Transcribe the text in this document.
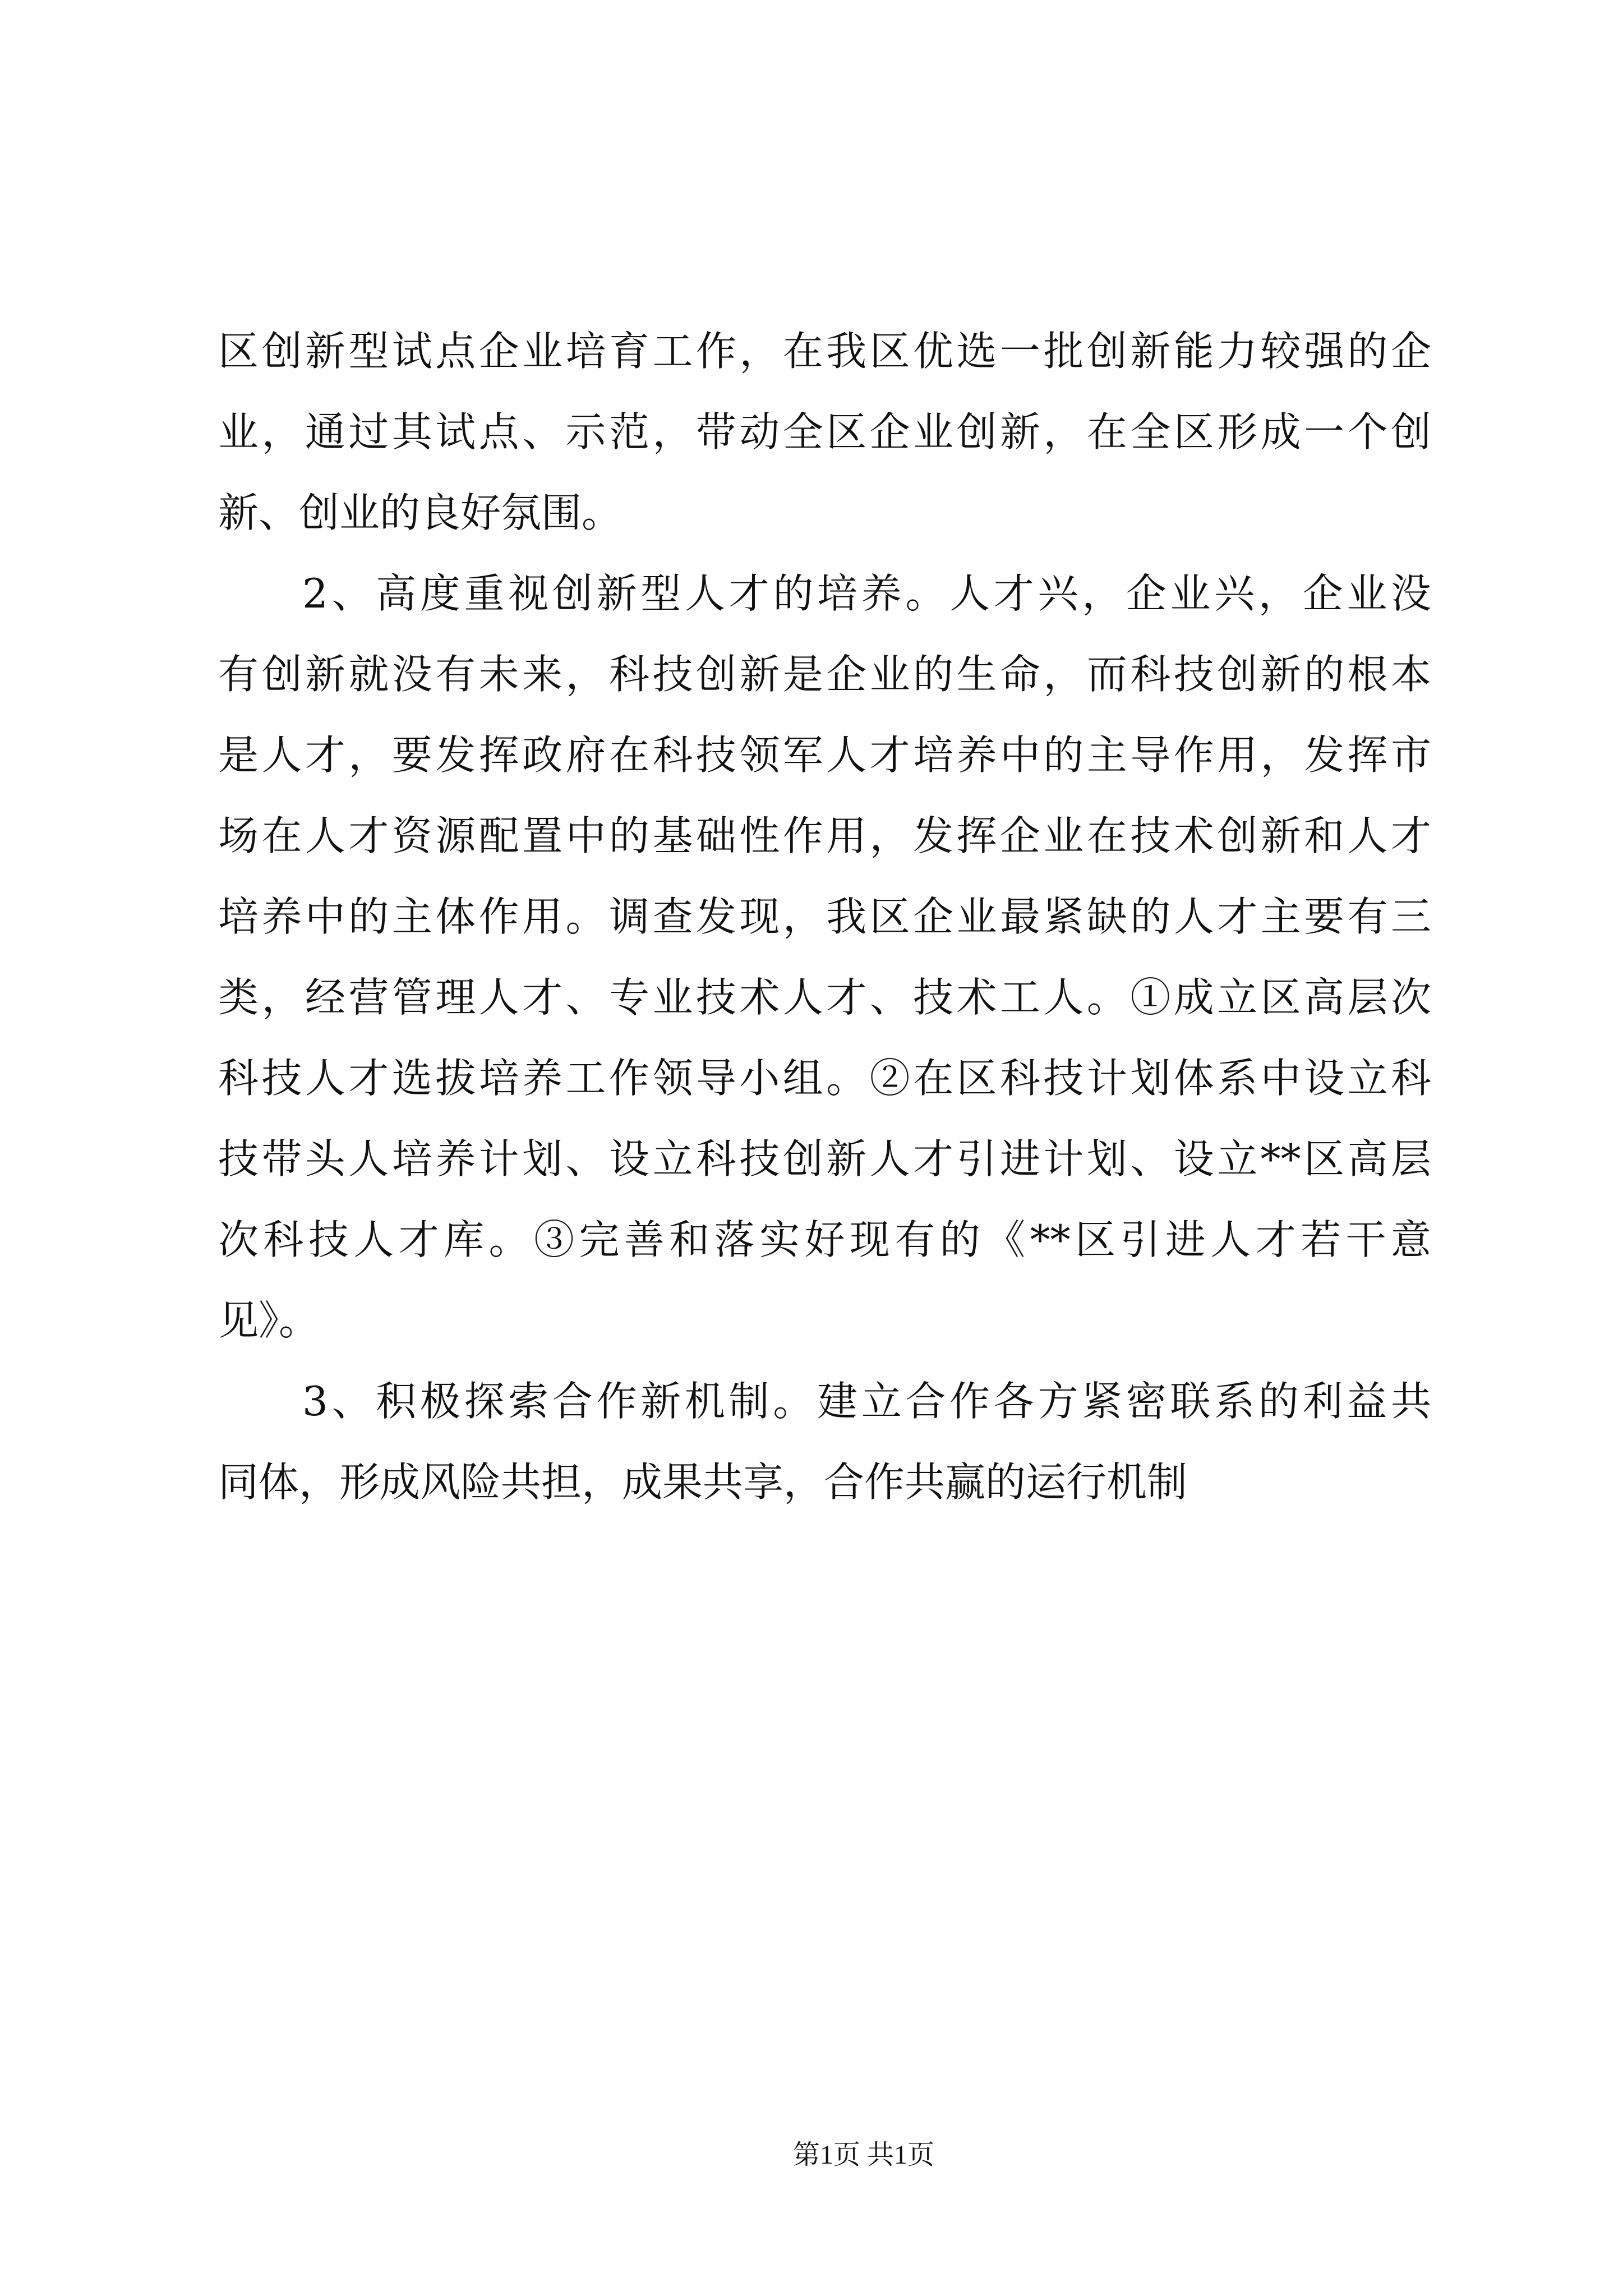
区创新型试点企业培育工作，在我区优选一批创新能力较强的企
业，通过其试点、示范，带动全区企业创新，在全区形成一个创
新、创业的良好氛围。
2、高度重视创新型人才的培养。人才兴，企业兴，企业没
有创新就没有未来，科技创新是企业的生命，而科技创新的根本
是人才，要发挥政府在科技领军人才培养中的主导作用，发挥市
场在人才资源配置中的基础性作用，发挥企业在技术创新和人才
培养中的主体作用。调查发现，我区企业最紧缺的人才主要有三
类，经营管理人才、专业技术人才、技术工人。①成立区高层次
科技人才选拔培养工作领导小组。②在区科技计划体系中设立科
技带头人培养计划、设立科技创新人才引进计划、设立**区高层
次科技人才库。③完善和落实好现有的《**区引进人才若干意
见》。
3、积极探索合作新机制。建立合作各方紧密联系的利益共
同体，形成风险共担，成果共享，合作共赢的运行机制
第1页 共1页
